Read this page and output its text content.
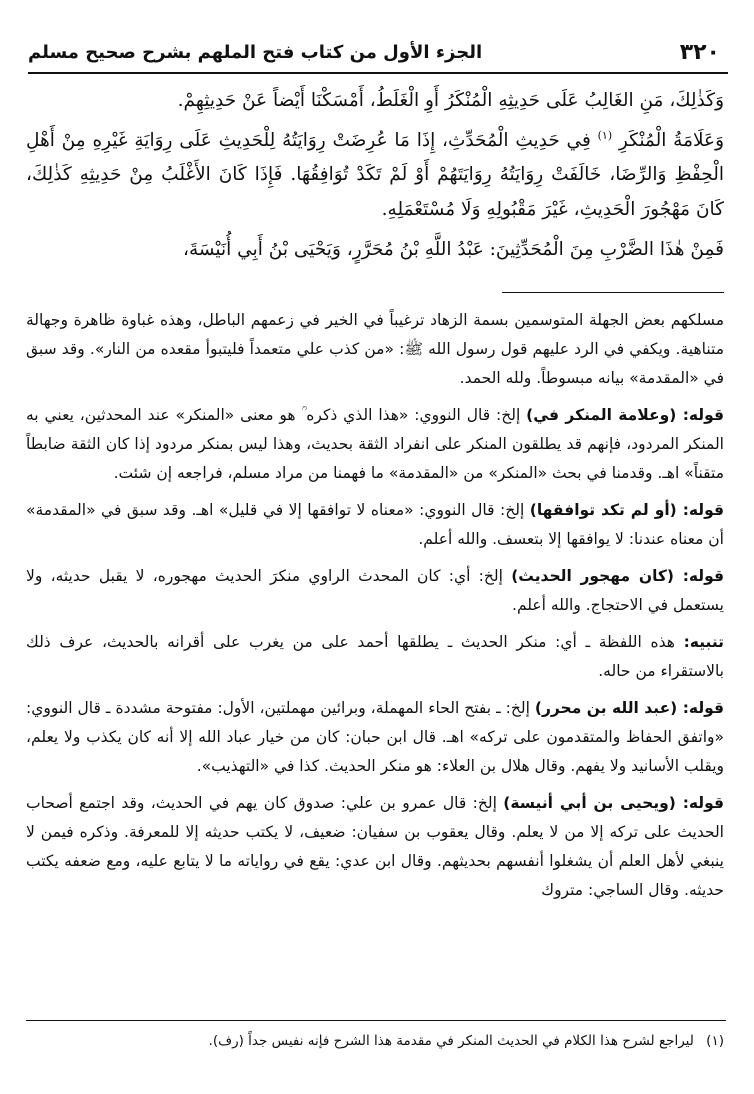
٣٢٠
الجزء الأول من كتاب فتح الملهم بشرح صحيح مسلم

وَكَذٰلِكَ، مَنِ الغَالِبُ عَلَى حَدِيثِهِ الْمُنْكَرُ أَوِ الْغَلَطُ، أَمْسَكْنَا أَيْضاً عَنْ حَدِيثِهِمْ.

وَعَلَامَةُ الْمُنْكَرِ $^{(١)}$ فِي حَدِيثِ الْمُحَدِّثِ، إِذَا مَا عُرِضَتْ رِوَايَتُهُ لِلْحَدِيثِ عَلَى رِوَايَةِ غَيْرِهِ مِنْ أَهْلِ الْحِفْظِ وَالرِّضَا، خَالَفَتْ رِوَايَتُهُ رِوَايَتَهُمْ أَوْ لَمْ تَكَدْ تُوَافِقُهَا. فَإِذَا كَانَ الأَغْلَبُ مِنْ حَدِيثِهِ كَذٰلِكَ، كَانَ مَهْجُورَ الْحَدِيثِ، غَيْرَ مَقْبُولِهِ وَلَا مُسْتَعْمَلِهِ.

فَمِنْ هٰذَا الضَّرْبِ مِنَ الْمُحَدِّثِينَ: عَبْدُ اللَّهِ بْنُ مُحَرَّرٍ، وَيَحْيَى بْنُ أَبِي أُنَيْسَةَ،

مسلكهم بعض الجهلة المتوسمين بسمة الزهاد ترغيباً في الخير في زعمهم الباطل، وهذه غباوة ظاهرة وجهالة متناهية. ويكفي في الرد عليهم قول رسول الله ﷺ: «من كذب علي متعمداً فليتبوأ مقعده من النار». وقد سبق في «المقدمة» بيانه مبسوطاً. ولله الحمد.

قوله: (وعلامة المنكر في) إلخ: قال النووي: «هذا الذي ذكره ؒ هو معنى «المنكر» عند المحدثين، يعني به المنكر المردود، فإنهم قد يطلقون المنكر على انفراد الثقة بحديث، وهذا ليس بمنكر مردود إذا كان الثقة ضابطاً متقناً» اهـ. وقدمنا في بحث «المنكر» من «المقدمة» ما فهمنا من مراد مسلم، فراجعه إن شئت.

قوله: (أو لم تكد توافقها) إلخ: قال النووي: «معناه لا توافقها إلا في قليل» اهـ. وقد سبق في «المقدمة» أن معناه عندنا: لا يوافقها إلا بتعسف. والله أعلم.

قوله: (كان مهجور الحديث) إلخ: أي: كان المحدث الراوي منكرَ الحديث مهجوره، لا يقبل حديثه، ولا يستعمل في الاحتجاج. والله أعلم.

تنبيه: هذه اللفظة ـ أي: منكر الحديث ـ يطلقها أحمد على من يغرب على أقرانه بالحديث، عرف ذلك بالاستقراء من حاله.

قوله: (عبد الله بن محرر) إلخ: ـ بفتح الحاء المهملة، وبرائين مهملتين، الأول: مفتوحة مشددة ـ قال النووي: «واتفق الحفاظ والمتقدمون على تركه» اهـ. قال ابن حبان: كان من خيار عباد الله إلا أنه كان يكذب ولا يعلم، ويقلب الأسانيد ولا يفهم. وقال هلال بن العلاء: هو منكر الحديث. كذا في «التهذيب».

قوله: (ويحيى بن أبي أنيسة) إلخ: قال عمرو بن علي: صدوق كان يهم في الحديث، وقد اجتمع أصحاب الحديث على تركه إلا من لا يعلم. وقال يعقوب بن سفيان: ضعيف، لا يكتب حديثه إلا للمعرفة. وذكره فيمن لا ينبغي لأهل العلم أن يشغلوا أنفسهم بحديثهم. وقال ابن عدي: يقع في رواياته ما لا يتابع عليه، ومع ضعفه يكتب حديثه. وقال الساجي: متروك

(١) ليراجع لشرح هذا الكلام في الحديث المنكر في مقدمة هذا الشرح فإنه نفيس جداً (رف).
